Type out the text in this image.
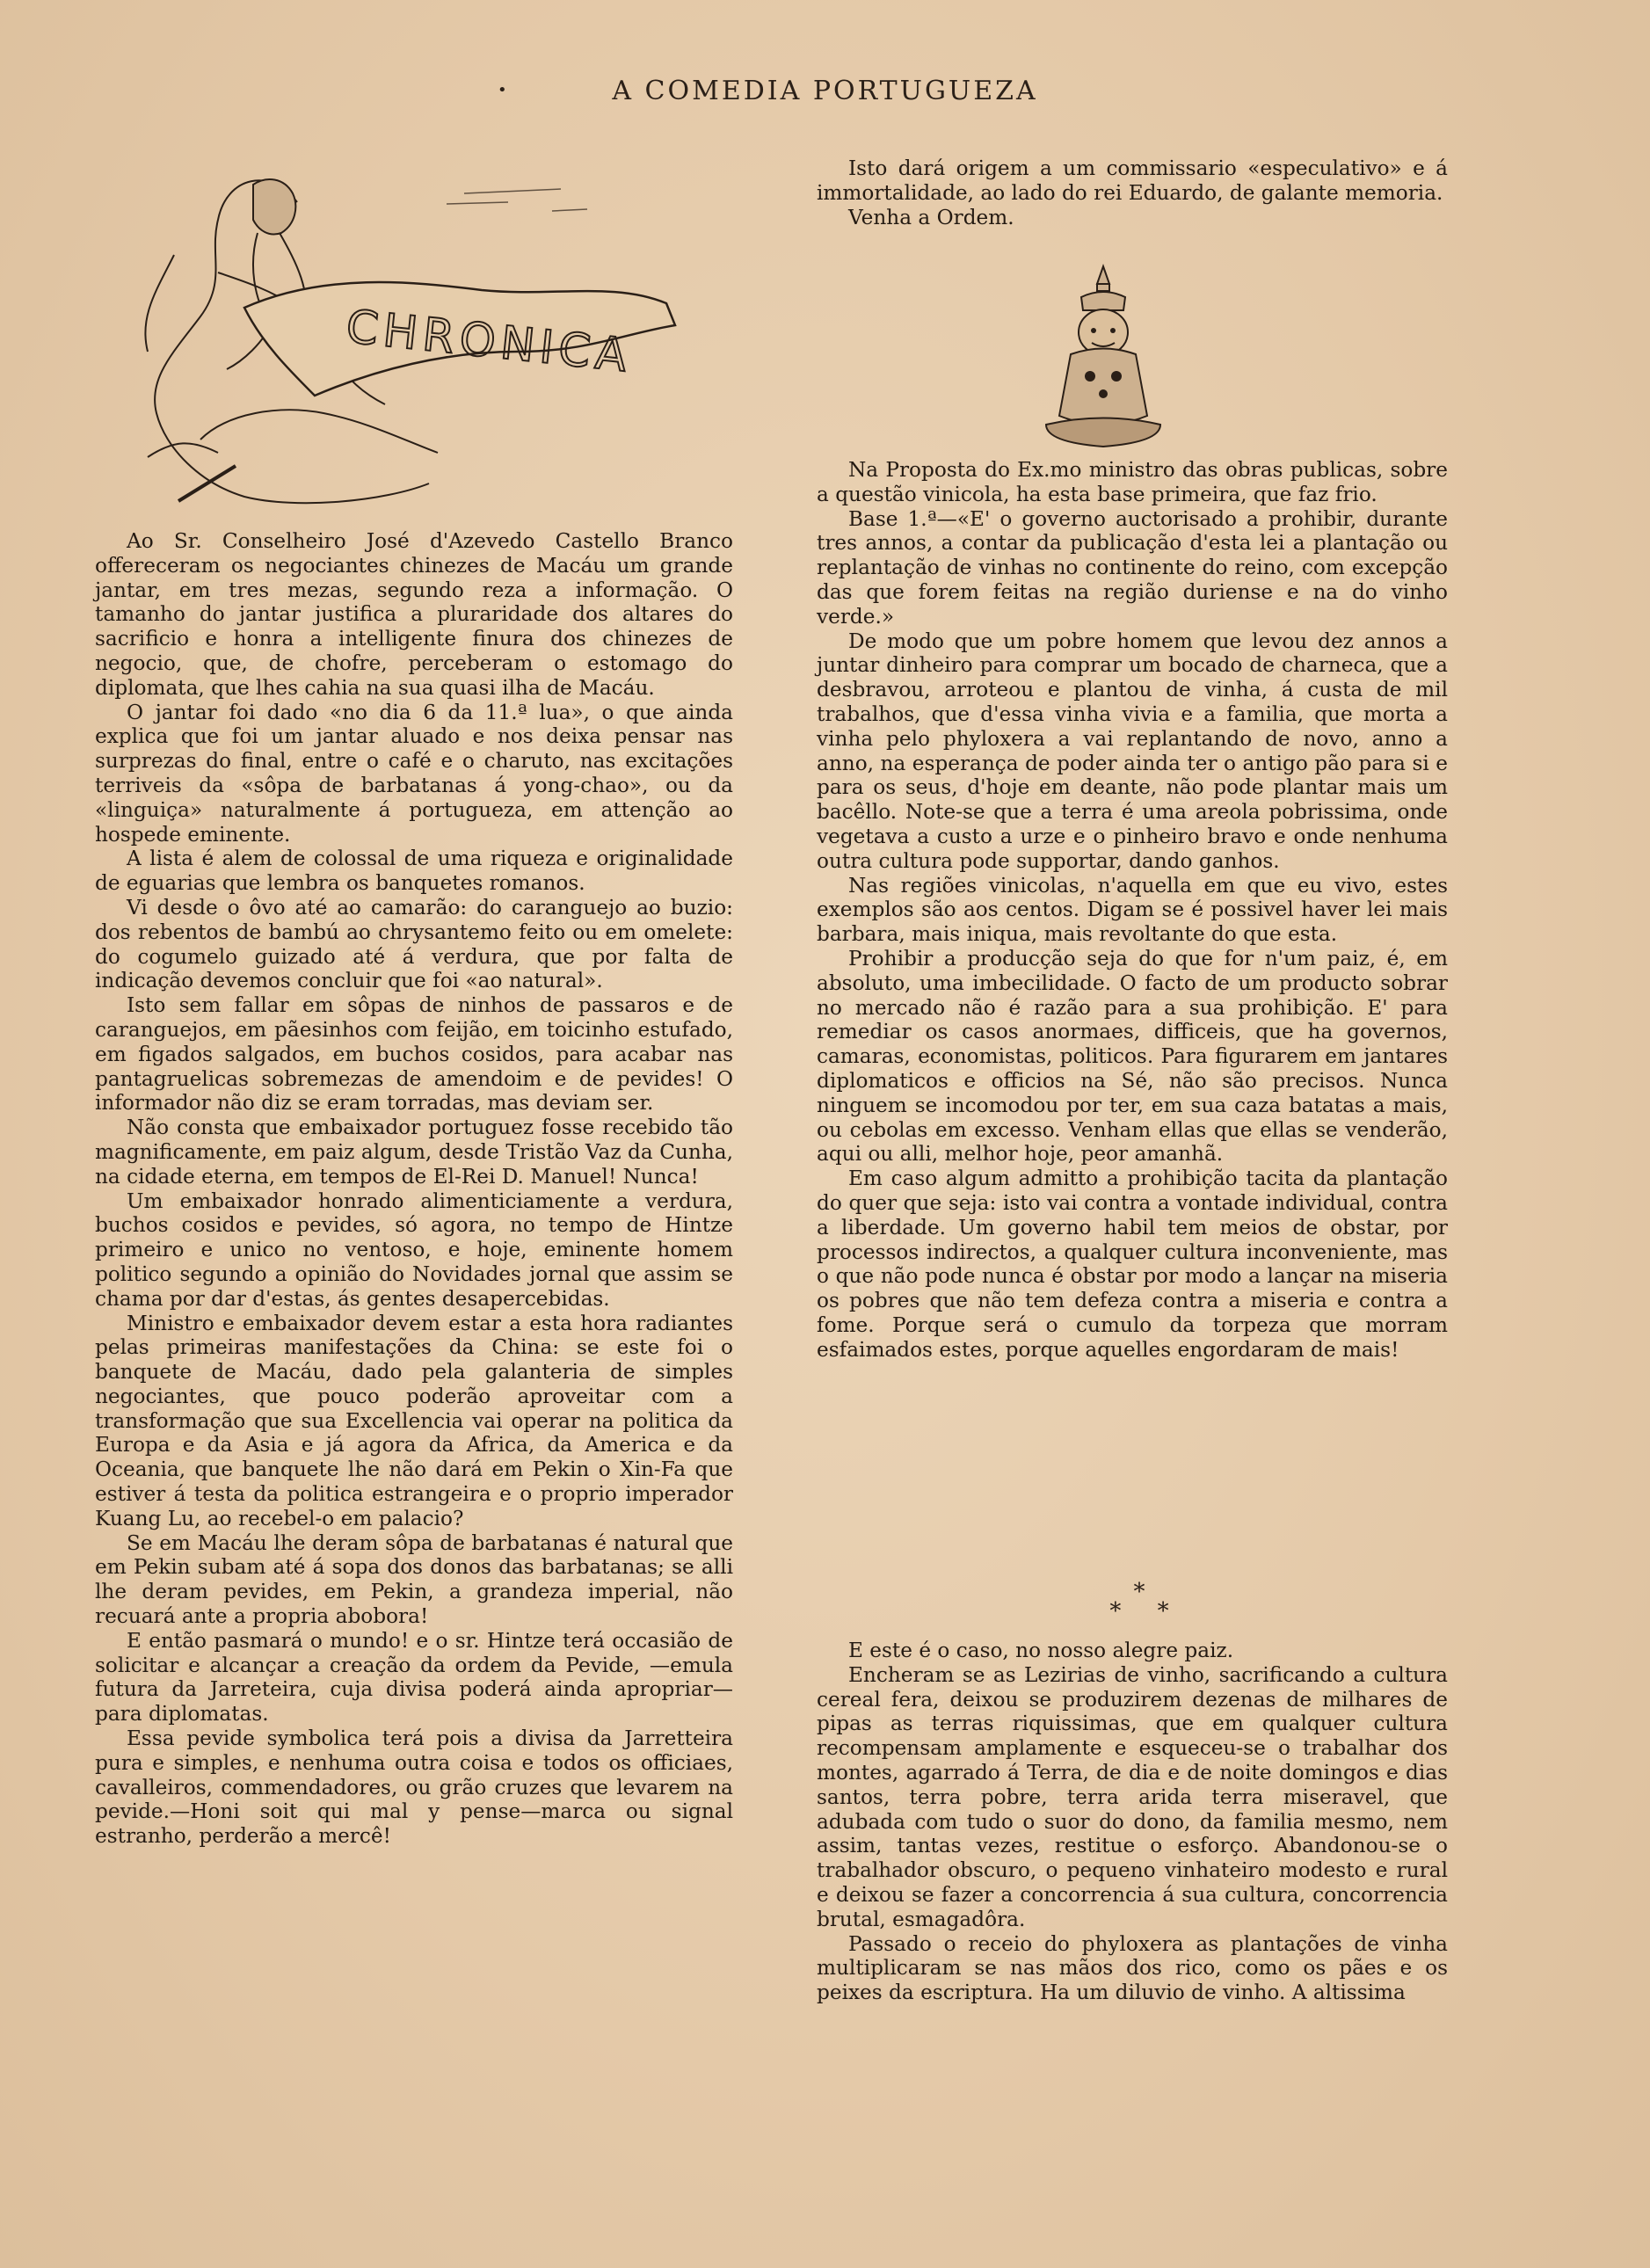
•	A COMEDIA PORTUGUEZA
CHRONICA

Ao Sr. Conselheiro José d'Azevedo Castello Branco offereceram os negociantes chinezes de Macáu um grande jantar, em tres mezas, segundo reza a informação. O tamanho do jantar justifica a pluraridade dos altares do sacrificio e honra a intelligente finura dos chinezes de negocio, que, de chofre, perceberam o estomago do diplomata, que lhes cahia na sua quasi ilha de Macáu.

O jantar foi dado «no dia 6 da 11.ª lua», o que ainda explica que foi um jantar aluado e nos deixa pensar nas surprezas do final, entre o café e o charuto, nas excitações terriveis da «sôpa de barbatanas á yong-chao», ou da «linguiça» naturalmente á portugueza, em attenção ao hospede eminente.

A lista é alem de colossal de uma riqueza e originalidade de eguarias que lembra os banquetes romanos.

Vi desde o ôvo até ao camarão: do caranguejo ao buzio: dos rebentos de bambú ao chrysantemo feito ou em omelete: do cogumelo guizado até á verdura, que por falta de indicação devemos concluir que foi «ao natural».

Isto sem fallar em sôpas de ninhos de passaros e de caranguejos, em pãesinhos com feijão, em toicinho estufado, em figados salgados, em buchos cosidos, para acabar nas pantagruelicas sobremezas de amendoim e de pevides! O informador não diz se eram torradas, mas deviam ser.

Não consta que embaixador portuguez fosse recebido tão magnificamente, em paiz algum, desde Tristão Vaz da Cunha, na cidade eterna, em tempos de El-Rei D. Manuel! Nunca!

Um embaixador honrado alimenticiamente a verdura, buchos cosidos e pevides, só agora, no tempo de Hintze primeiro e unico no ventoso, e hoje, eminente homem politico segundo a opinião do Novidades jornal que assim se chama por dar d'estas, ás gentes desapercebidas.

Ministro e embaixador devem estar a esta hora radiantes pelas primeiras manifestações da China: se este foi o banquete de Macáu, dado pela galanteria de simples negociantes, que pouco poderão aproveitar com a transformação que sua Excellencia vai operar na politica da Europa e da Asia e já agora da Africa, da America e da Oceania, que banquete lhe não dará em Pekin o Xin-Fa que estiver á testa da politica estrangeira e o proprio imperador Kuang Lu, ao recebel-o em palacio?

Se em Macáu lhe deram sôpa de barbatanas é natural que em Pekin subam até á sopa dos donos das barbatanas; se alli lhe deram pevides, em Pekin, a grandeza imperial, não recuará ante a propria abobora!

E então pasmará o mundo! e o sr. Hintze terá occasião de solicitar e alcançar a creação da ordem da Pevide, —emula futura da Jarreteira, cuja divisa poderá ainda apropriar—para diplomatas.

Essa pevide symbolica terá pois a divisa da Jarretteira pura e simples, e nenhuma outra coisa e todos os officiaes, cavalleiros, commendadores, ou grão cruzes que levarem na pevide.—Honi soit qui mal y pense—marca ou signal estranho, perderão a mercê!

Isto dará origem a um commissario «especulativo» e á immortalidade, ao lado do rei Eduardo, de galante memoria.

Venha a Ordem.

Na Proposta do Ex.mo ministro das obras publicas, sobre a questão vinicola, ha esta base primeira, que faz frio.

Base 1.ª—«E' o governo auctorisado a prohibir, durante tres annos, a contar da publicação d'esta lei a plantação ou replantação de vinhas no continente do reino, com excepção das que forem feitas na região duriense e na do vinho verde.»

De modo que um pobre homem que levou dez annos a juntar dinheiro para comprar um bocado de charneca, que a desbravou, arroteou e plantou de vinha, á custa de mil trabalhos, que d'essa vinha vivia e a familia, que morta a vinha pelo phyloxera a vai replantando de novo, anno a anno, na esperança de poder ainda ter o antigo pão para si e para os seus, d'hoje em deante, não pode plantar mais um bacêllo. Note-se que a terra é uma areola pobrissima, onde vegetava a custo a urze e o pinheiro bravo e onde nenhuma outra cultura pode supportar, dando ganhos.

Nas regiões vinicolas, n'aquella em que eu vivo, estes exemplos são aos centos. Digam se é possivel haver lei mais barbara, mais iniqua, mais revoltante do que esta.

Prohibir a producção seja do que for n'um paiz, é, em absoluto, uma imbecilidade. O facto de um producto sobrar no mercado não é razão para a sua prohibição. E' para remediar os casos anormaes, difficeis, que ha governos, camaras, economistas, politicos. Para figurarem em jantares diplomaticos e officios na Sé, não são precisos. Nunca ninguem se incomodou por ter, em sua caza batatas a mais, ou cebolas em excesso. Venham ellas que ellas se venderão, aqui ou alli, melhor hoje, peor amanhã.

Em caso algum admitto a prohibição tacita da plantação do quer que seja: isto vai contra a vontade individual, contra a liberdade. Um governo habil tem meios de obstar, por processos indirectos, a qualquer cultura inconveniente, mas o que não pode nunca é obstar por modo a lançar na miseria os pobres que não tem defeza contra a miseria e contra a fome. Porque será o cumulo da torpeza que morram esfaimados estes, porque aquelles engordaram de mais!

*
*     *

E este é o caso, no nosso alegre paiz.

Encheram se as Lezirias de vinho, sacrificando a cultura cereal fera, deixou se produzirem dezenas de milhares de pipas as terras riquissimas, que em qualquer cultura recompensam amplamente e esqueceu-se o trabalhar dos montes, agarrado á Terra, de dia e de noite domingos e dias santos, terra pobre, terra arida terra miseravel, que adubada com tudo o suor do dono, da familia mesmo, nem assim, tantas vezes, restitue o esforço. Abandonou-se o trabalhador obscuro, o pequeno vinhateiro modesto e rural e deixou se fazer a concorrencia á sua cultura, concorrencia brutal, esmagadôra.

Passado o receio do phyloxera as plantações de vinha multiplicaram se nas mãos dos rico, como os pães e os peixes da escriptura. Ha um diluvio de vinho. A altissima
